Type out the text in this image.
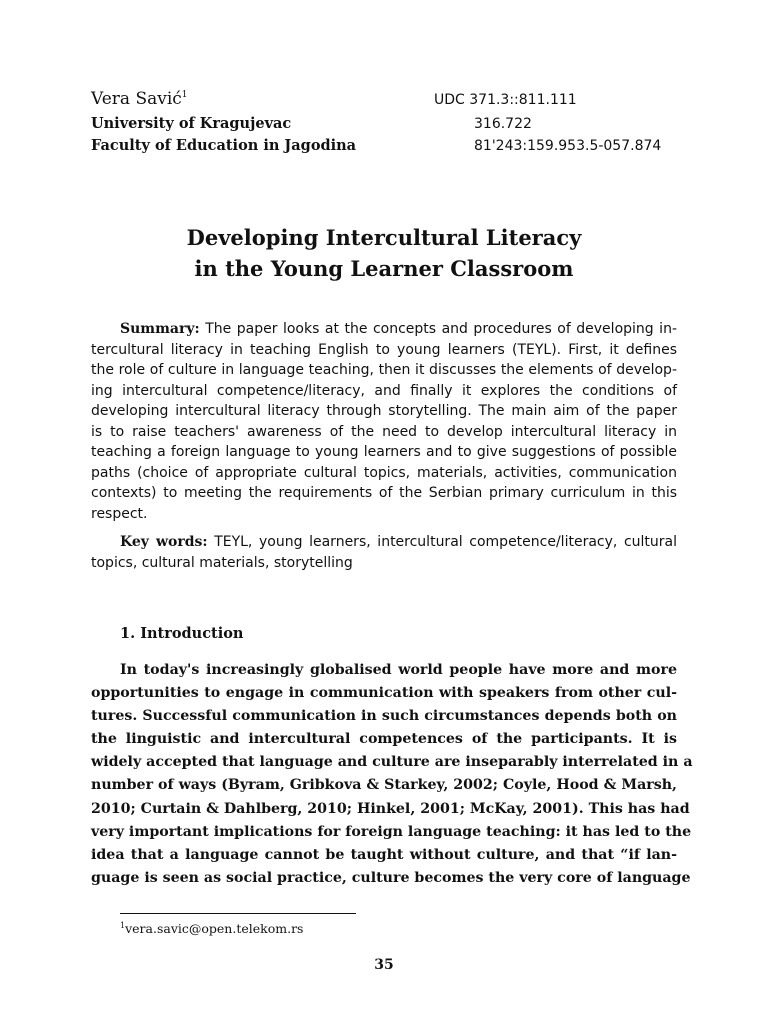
Vera Savić$^1$
University of Kragujevac
Faculty of Education in Jagodina
UDC 371.3::811.111
316.722
81'243:159.953.5-057.874
Developing Intercultural Literacy
in the Young Learner Classroom
Summary: The paper looks at the concepts and procedures of developing in-
tercultural literacy in teaching English to young learners (TEYL). First, it defines
the role of culture in language teaching, then it discusses the elements of develop-
ing intercultural competence/literacy, and finally it explores the conditions of
developing intercultural literacy through storytelling. The main aim of the paper
is to raise teachers' awareness of the need to develop intercultural literacy in
teaching a foreign language to young learners and to give suggestions of possible
paths (choice of appropriate cultural topics, materials, activities, communication
contexts) to meeting the requirements of the Serbian primary curriculum in this
respect.
Key words: TEYL, young learners, intercultural competence/literacy, cultural
topics, cultural materials, storytelling
1. Introduction
In today's increasingly globalised world people have more and more
opportunities to engage in communication with speakers from other cul-
tures. Successful communication in such circumstances depends both on
the linguistic and intercultural competences of the participants. It is
widely accepted that language and culture are inseparably interrelated in a
number of ways (Byram, Gribkova & Starkey, 2002; Coyle, Hood & Marsh,
2010; Curtain & Dahlberg, 2010; Hinkel, 2001; McKay, 2001). This has had
very important implications for foreign language teaching: it has led to the
idea that a language cannot be taught without culture, and that “if lan-
guage is seen as social practice, culture becomes the very core of language
$^1$vera.savic@open.telekom.rs
35
